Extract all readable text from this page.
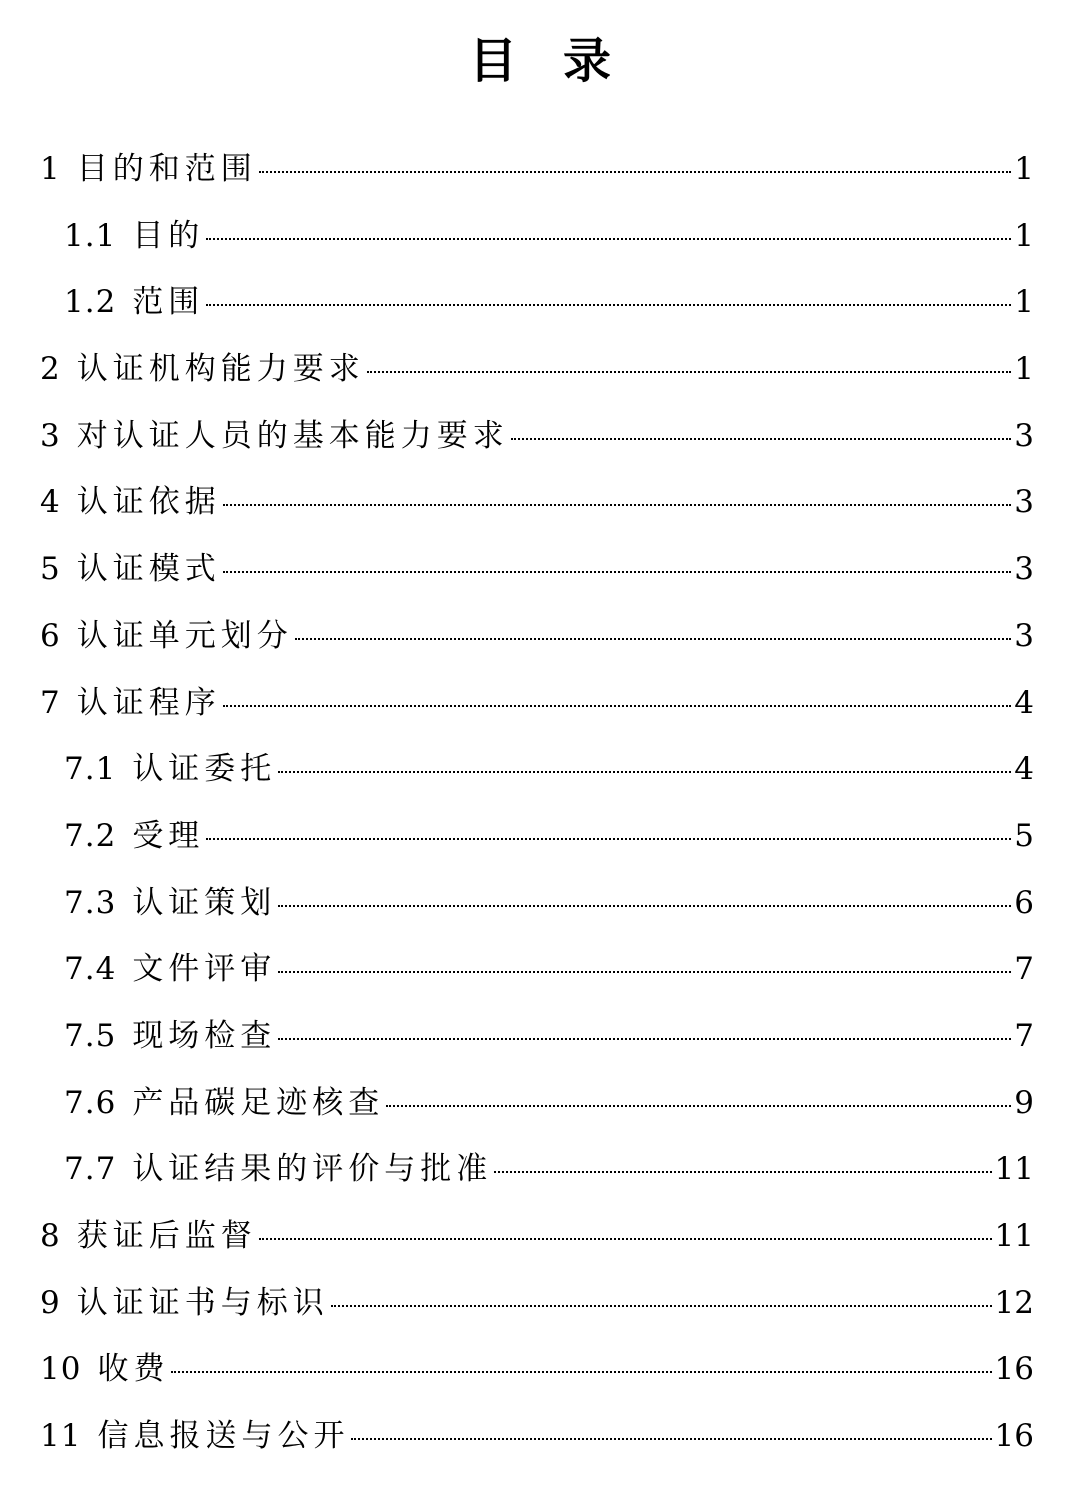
目录
1 目的和范围	1
1.1 目的	1
1.2 范围	1
2 认证机构能力要求	1
3 对认证人员的基本能力要求	3
4 认证依据	3
5 认证模式	3
6 认证单元划分	3
7 认证程序	4
7.1 认证委托	4
7.2 受理	5
7.3 认证策划	6
7.4 文件评审	7
7.5 现场检查	7
7.6 产品碳足迹核查	9
7.7 认证结果的评价与批准	11
8 获证后监督	11
9 认证证书与标识	12
10 收费	16
11 信息报送与公开	16
